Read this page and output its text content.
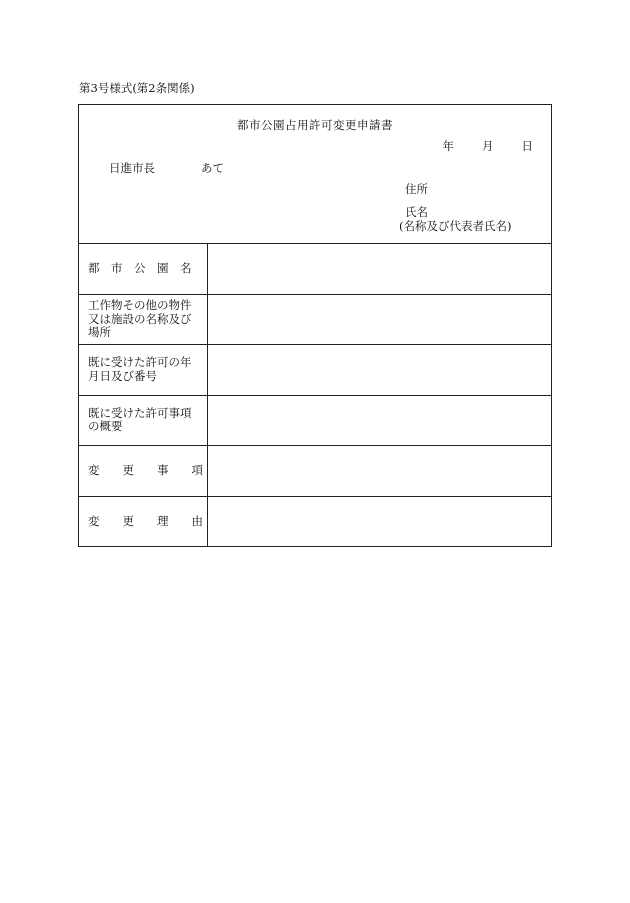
第3号様式(第2条関係)
都市公園占用許可変更申請書
年 月 日
日進市長	あて
住所
氏名
(名称及び代表者氏名)
都　市　公　園　名
工作物その他の物件又は施設の名称及び場所
既に受けた許可の年月日及び番号
既に受けた許可事項の概要
変　　更　　事　　項
変　　更　　理　　由
